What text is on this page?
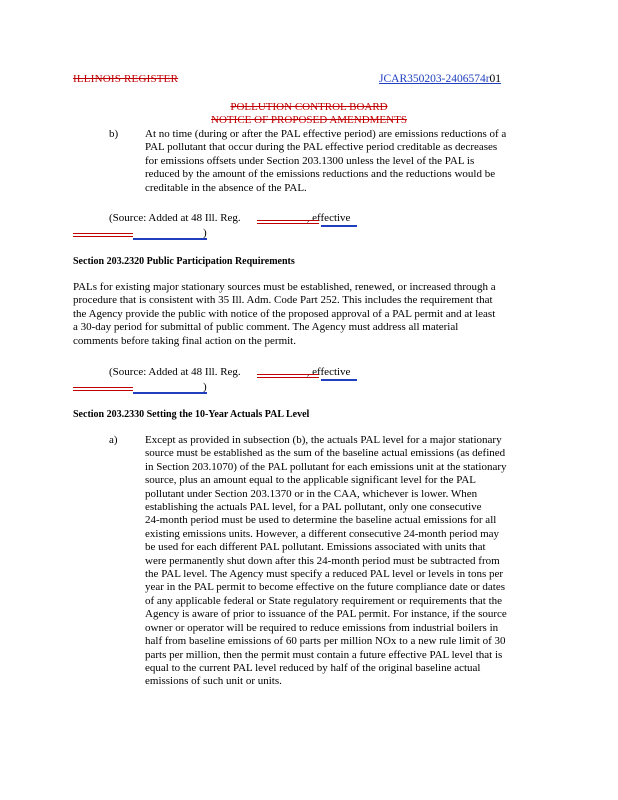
ILLINOIS REGISTER	JCAR350203-2406574r01
POLLUTION CONTROL BOARD
NOTICE OF PROPOSED AMENDMENTS
b) At no time (during or after the PAL effective period) are emissions reductions of a
PAL pollutant that occur during the PAL effective period creditable as decreases
for emissions offsets under Section 203.1300 unless the level of the PAL is
reduced by the amount of the emissions reductions and the reductions would be
creditable in the absence of the PAL.
(Source: Added at 48 Ill. Reg.	, effective
)
Section 203.2320 Public Participation Requirements
PALs for existing major stationary sources must be established, renewed, or increased through a
procedure that is consistent with 35 Ill. Adm. Code Part 252. This includes the requirement that
the Agency provide the public with notice of the proposed approval of a PAL permit and at least
a 30-day period for submittal of public comment. The Agency must address all material
comments before taking final action on the permit.
(Source: Added at 48 Ill. Reg.	, effective
)
Section 203.2330 Setting the 10-Year Actuals PAL Level
a) Except as provided in subsection (b), the actuals PAL level for a major stationary
source must be established as the sum of the baseline actual emissions (as defined
in Section 203.1070) of the PAL pollutant for each emissions unit at the stationary
source, plus an amount equal to the applicable significant level for the PAL
pollutant under Section 203.1370 or in the CAA, whichever is lower. When
establishing the actuals PAL level, for a PAL pollutant, only one consecutive
24-month period must be used to determine the baseline actual emissions for all
existing emissions units. However, a different consecutive 24-month period may
be used for each different PAL pollutant. Emissions associated with units that
were permanently shut down after this 24-month period must be subtracted from
the PAL level. The Agency must specify a reduced PAL level or levels in tons per
year in the PAL permit to become effective on the future compliance date or dates
of any applicable federal or State regulatory requirement or requirements that the
Agency is aware of prior to issuance of the PAL permit. For instance, if the source
owner or operator will be required to reduce emissions from industrial boilers in
half from baseline emissions of 60 parts per million NOx to a new rule limit of 30
parts per million, then the permit must contain a future effective PAL level that is
equal to the current PAL level reduced by half of the original baseline actual
emissions of such unit or units.
